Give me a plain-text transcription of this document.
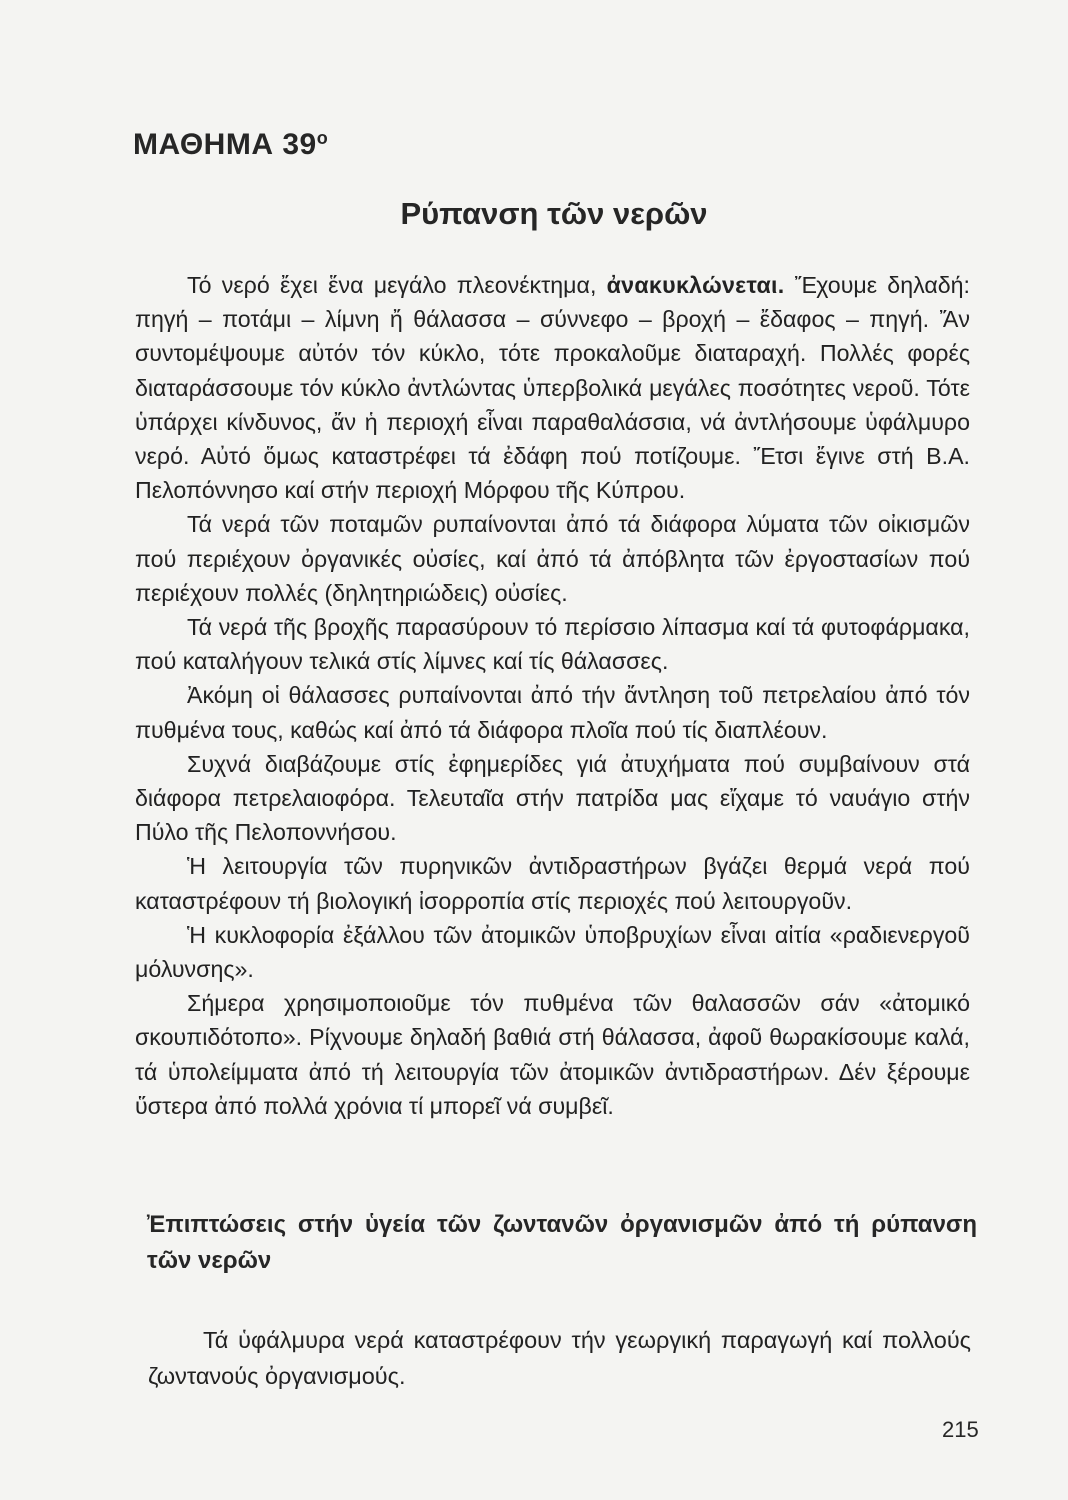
ΜΑΘΗΜΑ $39^o$
Ρύπανση τῶν νερῶν

Τό νερό ἔχει ἕνα μεγάλο πλεονέκτημα, ἀνακυκλώνεται. Ἔχουμε δηλαδή: πηγή – ποτάμι – λίμνη ἤ θάλασσα – σύννεφο – βροχή – ἔδαφος – πηγή. Ἄν συντομέψουμε αὐτόν τόν κύκλο, τότε προκαλοῦμε διαταραχή. Πολλές φορές διαταράσσουμε τόν κύκλο ἀντλώντας ὑπερβολικά μεγάλες ποσότητες νεροῦ. Τότε ὑπάρχει κίνδυνος, ἄν ἡ περιοχή εἶναι παραθαλάσσια, νά ἀντλήσουμε ὑφάλμυρο νερό. Αὐτό ὅμως καταστρέφει τά ἐδάφη πού ποτίζουμε. Ἔτσι ἔγινε στή Β.Α. Πελοπόννησο καί στήν περιοχή Μόρφου τῆς Κύπρου.

Τά νερά τῶν ποταμῶν ρυπαίνονται ἀπό τά διάφορα λύματα τῶν οἰκισμῶν πού περιέχουν ὀργανικές οὐσίες, καί ἀπό τά ἀπόβλητα τῶν ἐργοστασίων πού περιέχουν πολλές (δηλητηριώδεις) οὐσίες.

Τά νερά τῆς βροχῆς παρασύρουν τό περίσσιο λίπασμα καί τά φυτοφάρμακα, πού καταλήγουν τελικά στίς λίμνες καί τίς θάλασσες.

Ἀκόμη οἱ θάλασσες ρυπαίνονται ἀπό τήν ἄντληση τοῦ πετρελαίου ἀπό τόν πυθμένα τους, καθώς καί ἀπό τά διάφορα πλοῖα πού τίς διαπλέουν.

Συχνά διαβάζουμε στίς ἐφημερίδες γιά ἀτυχήματα πού συμβαίνουν στά διάφορα πετρελαιοφόρα. Τελευταῖα στήν πατρίδα μας εἴχαμε τό ναυάγιο στήν Πύλο τῆς Πελοποννήσου.

Ἡ λειτουργία τῶν πυρηνικῶν ἀντιδραστήρων βγάζει θερμά νερά πού καταστρέφουν τή βιολογική ἰσορροπία στίς περιοχές πού λειτουργοῦν.

Ἡ κυκλοφορία ἐξάλλου τῶν ἀτομικῶν ὑποβρυχίων εἶναι αἰτία «ραδιενεργοῦ μόλυνσης».

Σήμερα χρησιμοποιοῦμε τόν πυθμένα τῶν θαλασσῶν σάν «ἀτομικό σκουπιδότοπο». Ρίχνουμε δηλαδή βαθιά στή θάλασσα, ἀφοῦ θωρακίσουμε καλά, τά ὑπολείμματα ἀπό τή λειτουργία τῶν ἀτομικῶν ἀντιδραστήρων. Δέν ξέρουμε ὕστερα ἀπό πολλά χρόνια τί μπορεῖ νά συμβεῖ.

Ἐπιπτώσεις στήν ὑγεία τῶν ζωντανῶν ὀργανισμῶν ἀπό τή ρύπανση τῶν νερῶν

Τά ὑφάλμυρα νερά καταστρέφουν τήν γεωργική παραγωγή καί πολλούς ζωντανούς ὀργανισμούς.

215
